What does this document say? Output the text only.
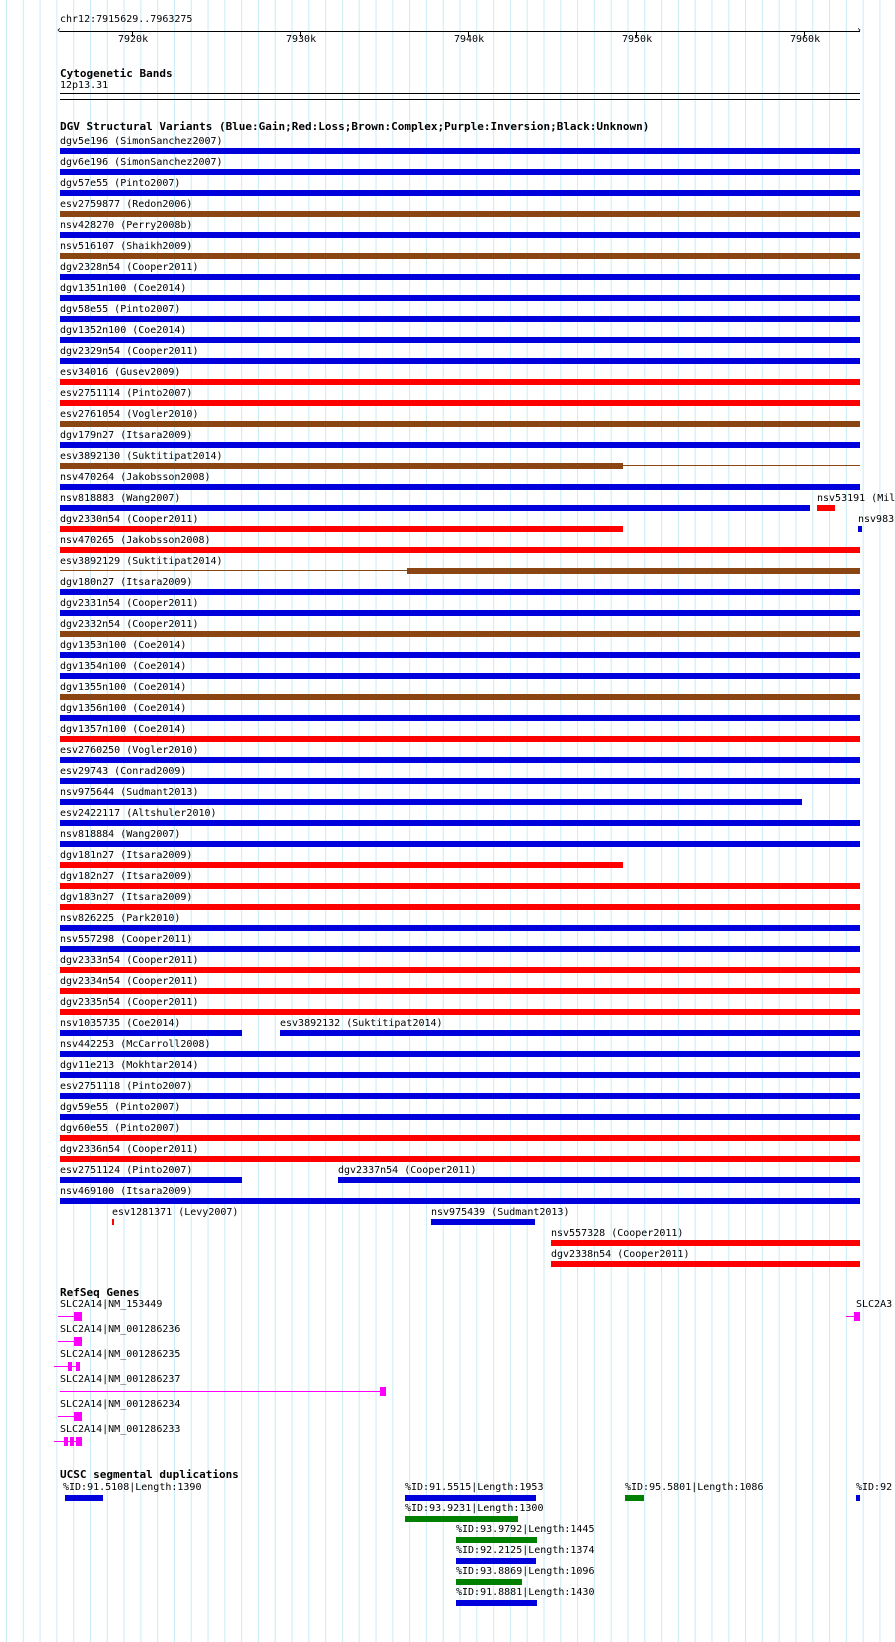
chr12:7915629..7963275
‹	›
7920k	7930k	7940k	7950k	7960k
Cytogenetic Bands
12p13.31
DGV Structural Variants (Blue:Gain;Red:Loss;Brown:Complex;Purple:Inversion;Black:Unknown)
dgv5e196 (SimonSanchez2007)
dgv6e196 (SimonSanchez2007)
dgv57e55 (Pinto2007)
esv2759877 (Redon2006)
nsv428270 (Perry2008b)
nsv516107 (Shaikh2009)
dgv2328n54 (Cooper2011)
dgv1351n100 (Coe2014)
dgv58e55 (Pinto2007)
dgv1352n100 (Coe2014)
dgv2329n54 (Cooper2011)
esv34016 (Gusev2009)
esv2751114 (Pinto2007)
esv2761054 (Vogler2010)
dgv179n27 (Itsara2009)
esv3892130 (Suktitipat2014)
nsv470264 (Jakobsson2008)
nsv818883 (Wang2007)	nsv53191 (Mil
dgv2330n54 (Cooper2011)	nsv983
nsv470265 (Jakobsson2008)
esv3892129 (Suktitipat2014)
dgv180n27 (Itsara2009)
dgv2331n54 (Cooper2011)
dgv2332n54 (Cooper2011)
dgv1353n100 (Coe2014)
dgv1354n100 (Coe2014)
dgv1355n100 (Coe2014)
dgv1356n100 (Coe2014)
dgv1357n100 (Coe2014)
esv2760250 (Vogler2010)
esv29743 (Conrad2009)
nsv975644 (Sudmant2013)
esv2422117 (Altshuler2010)
nsv818884 (Wang2007)
dgv181n27 (Itsara2009)
dgv182n27 (Itsara2009)
dgv183n27 (Itsara2009)
nsv826225 (Park2010)
nsv557298 (Cooper2011)
dgv2333n54 (Cooper2011)
dgv2334n54 (Cooper2011)
dgv2335n54 (Cooper2011)
nsv1035735 (Coe2014)	esv3892132 (Suktitipat2014)
nsv442253 (McCarroll2008)
dgv11e213 (Mokhtar2014)
esv2751118 (Pinto2007)
dgv59e55 (Pinto2007)
dgv60e55 (Pinto2007)
dgv2336n54 (Cooper2011)
esv2751124 (Pinto2007)	dgv2337n54 (Cooper2011)
nsv469100 (Itsara2009)
esv1281371 (Levy2007)	nsv975439 (Sudmant2013)
nsv557328 (Cooper2011)
dgv2338n54 (Cooper2011)
RefSeq Genes
SLC2A14|NM_153449	SLC2A3
SLC2A14|NM_001286236
SLC2A14|NM_001286235
SLC2A14|NM_001286237
SLC2A14|NM_001286234
SLC2A14|NM_001286233
UCSC segmental duplications
%ID:91.5108|Length:1390	%ID:91.5515|Length:1953	%ID:95.5801|Length:1086	%ID:92
%ID:93.9231|Length:1300
%ID:93.9792|Length:1445
%ID:92.2125|Length:1374
%ID:93.8869|Length:1096
%ID:91.8881|Length:1430
